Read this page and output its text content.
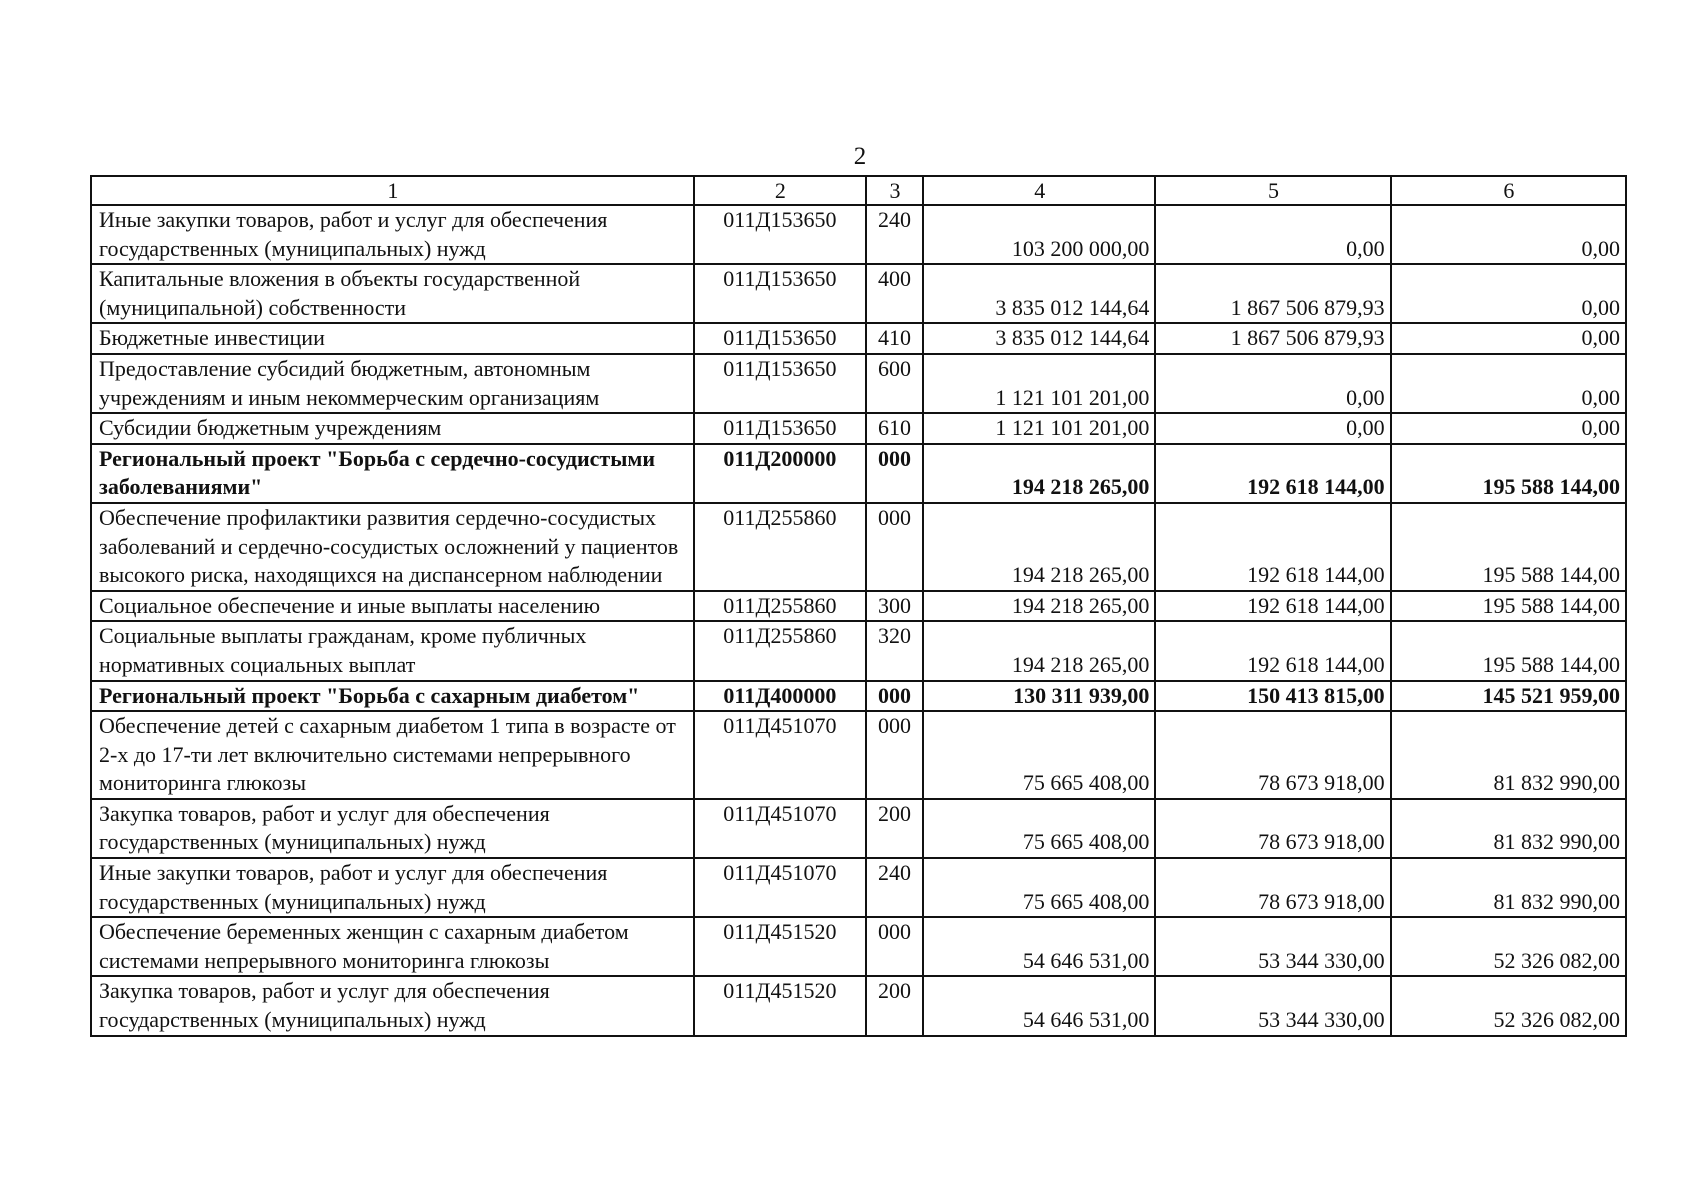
2
1	2	3	4	5	6
Иные закупки товаров, работ и услуг для обеспечения государственных (муниципальных) нужд	011Д153650	240	103 200 000,00	0,00	0,00
Капитальные вложения в объекты государственной (муниципальной) собственности	011Д153650	400	3 835 012 144,64	1 867 506 879,93	0,00
Бюджетные инвестиции	011Д153650	410	3 835 012 144,64	1 867 506 879,93	0,00
Предоставление субсидий бюджетным, автономным учреждениям и иным некоммерческим организациям	011Д153650	600	1 121 101 201,00	0,00	0,00
Субсидии бюджетным учреждениям	011Д153650	610	1 121 101 201,00	0,00	0,00
Региональный проект "Борьба с сердечно-сосудистыми заболеваниями"	011Д200000	000	194 218 265,00	192 618 144,00	195 588 144,00
Обеспечение профилактики развития сердечно-сосудистых заболеваний и сердечно-сосудистых осложнений у пациентов высокого риска, находящихся на диспансерном наблюдении	011Д255860	000	194 218 265,00	192 618 144,00	195 588 144,00
Социальное обеспечение и иные выплаты населению	011Д255860	300	194 218 265,00	192 618 144,00	195 588 144,00
Социальные выплаты гражданам, кроме публичных нормативных социальных выплат	011Д255860	320	194 218 265,00	192 618 144,00	195 588 144,00
Региональный проект "Борьба с сахарным диабетом"	011Д400000	000	130 311 939,00	150 413 815,00	145 521 959,00
Обеспечение детей с сахарным диабетом 1 типа в возрасте от 2-х до 17-ти лет включительно системами непрерывного мониторинга глюкозы	011Д451070	000	75 665 408,00	78 673 918,00	81 832 990,00
Закупка товаров, работ и услуг для обеспечения государственных (муниципальных) нужд	011Д451070	200	75 665 408,00	78 673 918,00	81 832 990,00
Иные закупки товаров, работ и услуг для обеспечения государственных (муниципальных) нужд	011Д451070	240	75 665 408,00	78 673 918,00	81 832 990,00
Обеспечение беременных женщин с сахарным диабетом системами непрерывного мониторинга глюкозы	011Д451520	000	54 646 531,00	53 344 330,00	52 326 082,00
Закупка товаров, работ и услуг для обеспечения государственных (муниципальных) нужд	011Д451520	200	54 646 531,00	53 344 330,00	52 326 082,00
